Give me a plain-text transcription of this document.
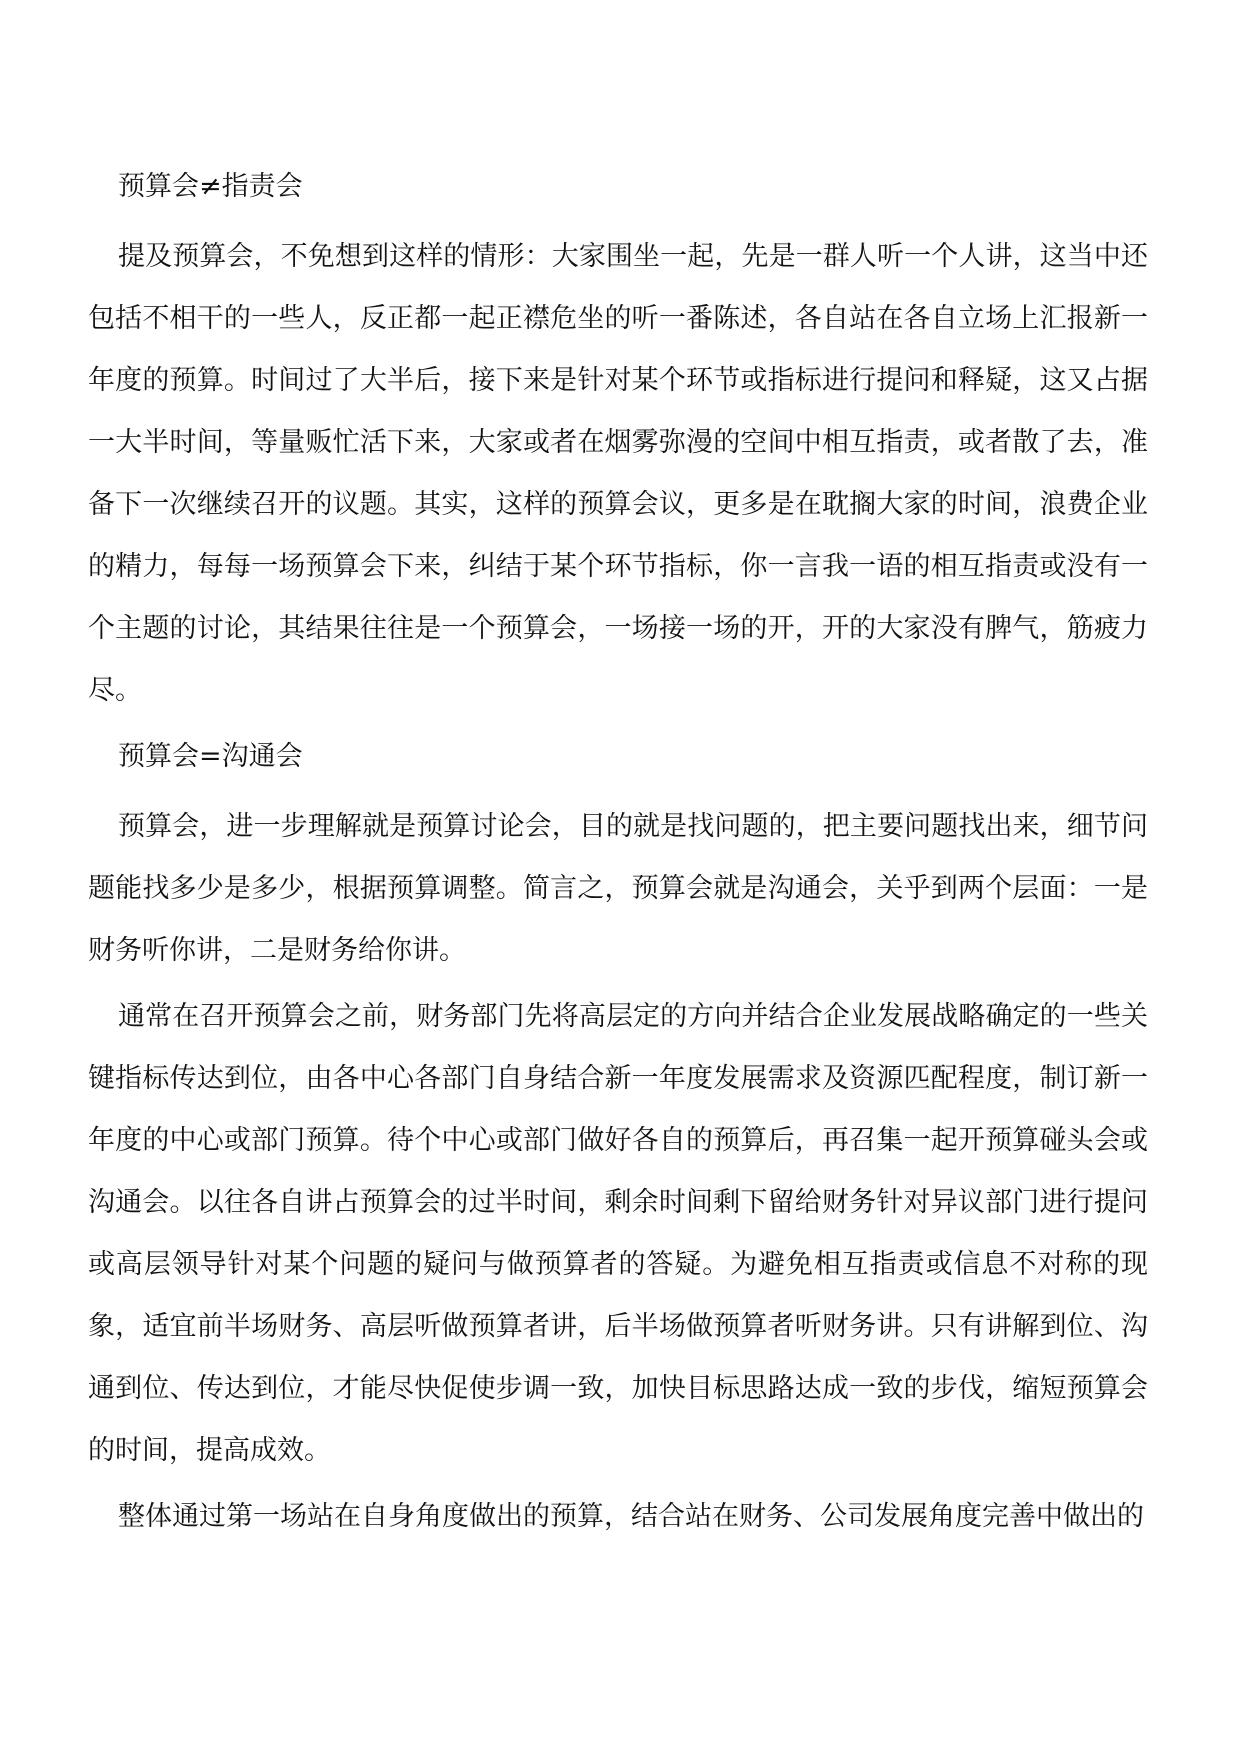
预算会≠指责会

提及预算会，不免想到这样的情形：大家围坐一起，先是一群人听一个人讲，这当中还包括不相干的一些人，反正都一起正襟危坐的听一番陈述，各自站在各自立场上汇报新一年度的预算。时间过了大半后，接下来是针对某个环节或指标进行提问和释疑，这又占据一大半时间，等量贩忙活下来，大家或者在烟雾弥漫的空间中相互指责，或者散了去，准备下一次继续召开的议题。其实，这样的预算会议，更多是在耽搁大家的时间，浪费企业的精力，每每一场预算会下来，纠结于某个环节指标，你一言我一语的相互指责或没有一个主题的讨论，其结果往往是一个预算会，一场接一场的开，开的大家没有脾气，筋疲力尽。

预算会=沟通会

预算会，进一步理解就是预算讨论会，目的就是找问题的，把主要问题找出来，细节问题能找多少是多少，根据预算调整。简言之，预算会就是沟通会，关乎到两个层面：一是财务听你讲，二是财务给你讲。

通常在召开预算会之前，财务部门先将高层定的方向并结合企业发展战略确定的一些关键指标传达到位，由各中心各部门自身结合新一年度发展需求及资源匹配程度，制订新一年度的中心或部门预算。待个中心或部门做好各自的预算后，再召集一起开预算碰头会或沟通会。以往各自讲占预算会的过半时间，剩余时间剩下留给财务针对异议部门进行提问或高层领导针对某个问题的疑问与做预算者的答疑。为避免相互指责或信息不对称的现象，适宜前半场财务、高层听做预算者讲，后半场做预算者听财务讲。只有讲解到位、沟通到位、传达到位，才能尽快促使步调一致，加快目标思路达成一致的步伐，缩短预算会的时间，提高成效。

整体通过第一场站在自身角度做出的预算，结合站在财务、公司发展角度完善中做出的
